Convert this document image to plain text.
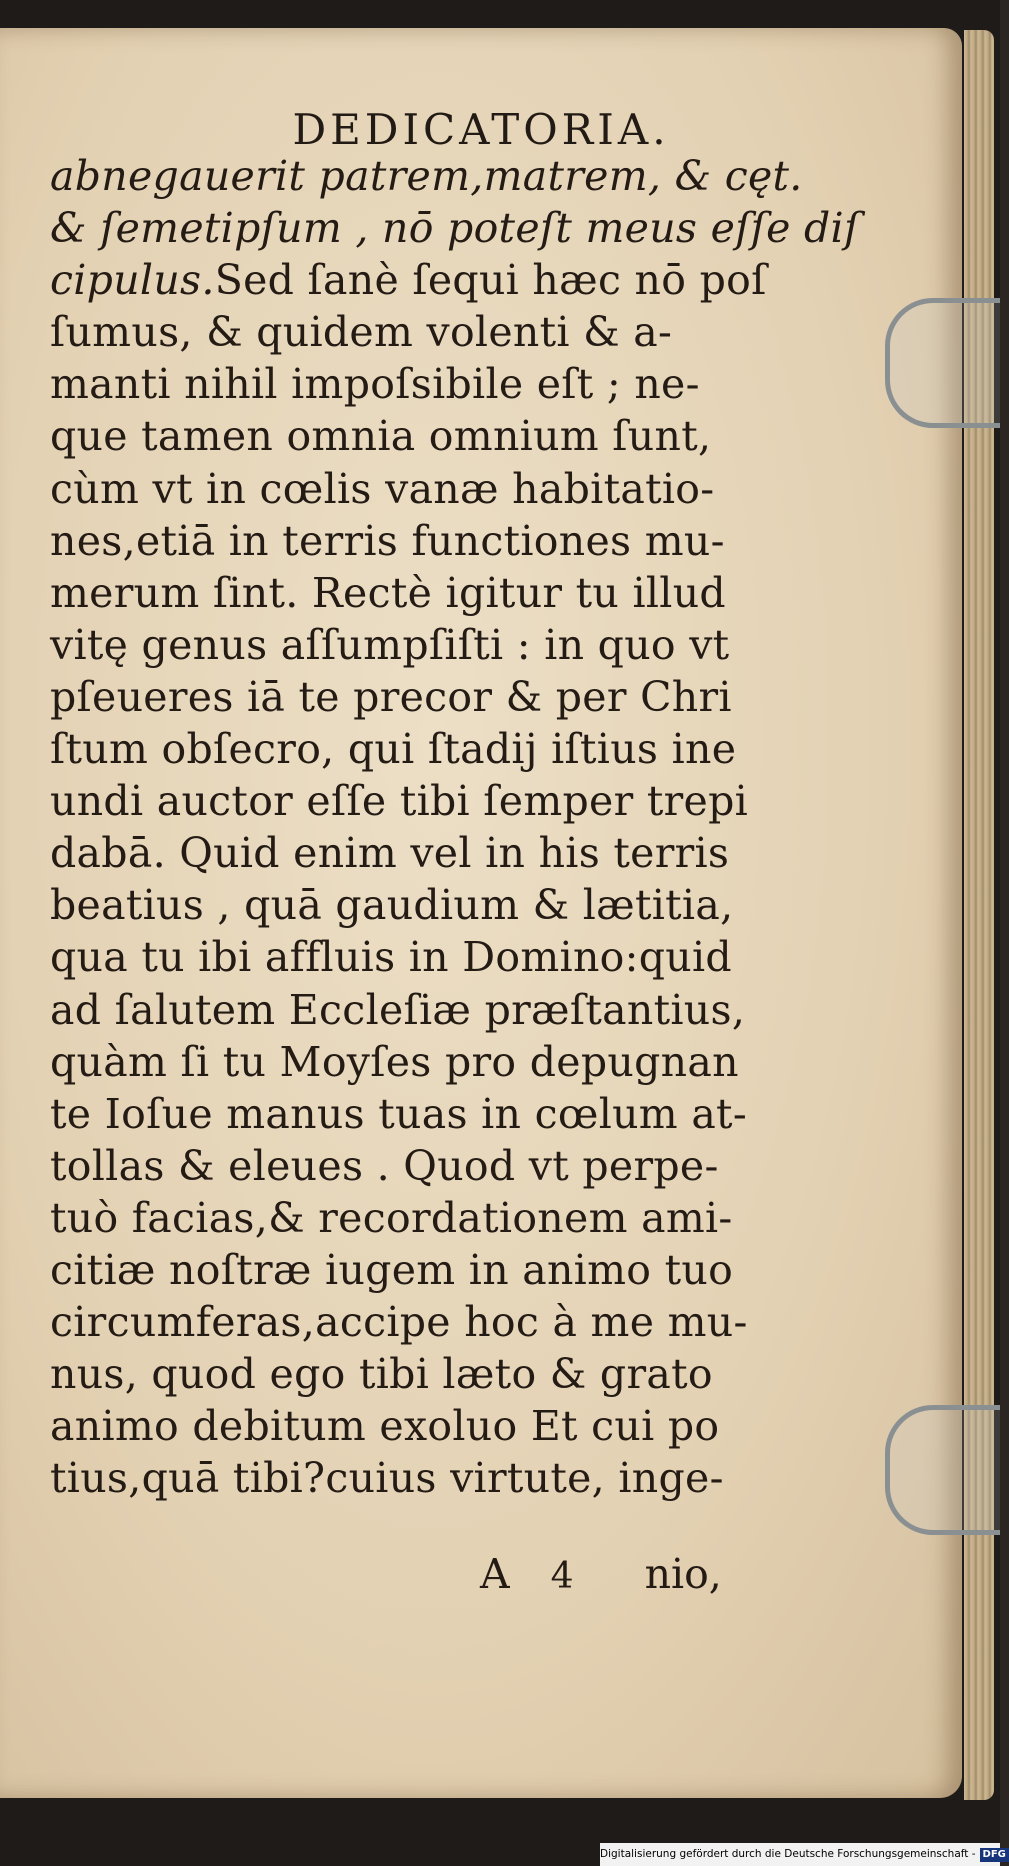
DEDICATORIA.
abnegauerit patrem,matrem, & cęt.
& ſemetipſum , nō poteſt meus eſſe diſ
cipulus.Sed ſanè ſequi hæc nō poſ
ſumus, & quidem volenti & a-
manti nihil impoſsibile eſt ; ne-
que tamen omnia omnium ſunt,
cùm vt in cœlis vanæ habitatio-
nes,etiā in terris functiones mu-
merum ſint. Rectè igitur tu illud
vitę genus aſſumpſiſti : in quo vt
pſeueres iā te precor & per Chri
ſtum obſecro, qui ſtadij iſtius ine
undi auctor eſſe tibi ſemper trepi
dabā. Quid enim vel in his terris
beatius , quā gaudium & lætitia,
qua tu ibi affluis in Domino:quid
ad ſalutem Eccleſiæ præſtantius,
quàm ſi tu Moyſes pro depugnan
te Ioſue manus tuas in cœlum at-
tollas & eleues . Quod vt perpe-
tuò facias,& recordationem ami-
citiæ noſtræ iugem in animo tuo
circumferas,accipe hoc à me mu-
nus, quod ego tibi læto & grato
animo debitum exoluo Et cui po
tius,quā tibi?cuius virtute, inge-
A 4 nio,
Digitalisierung gefördert durch die Deutsche Forschungsgemeinschaft - DFG
